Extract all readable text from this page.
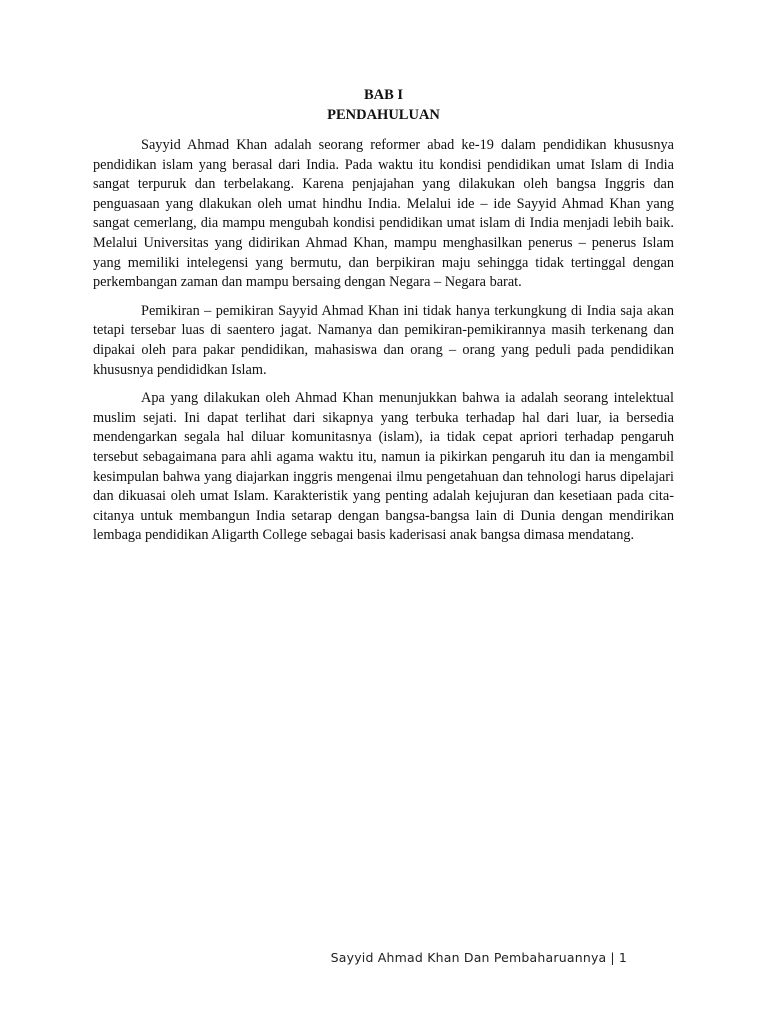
BAB I

PENDAHULUAN

Sayyid Ahmad Khan adalah seorang reformer abad ke-19 dalam pendidikan khususnya pendidikan islam yang berasal dari India. Pada waktu itu kondisi pendidikan umat Islam di India sangat terpuruk dan terbelakang. Karena penjajahan yang dilakukan oleh bangsa Inggris dan penguasaan yang dlakukan oleh umat hindhu India. Melalui ide – ide Sayyid Ahmad Khan yang sangat cemerlang, dia mampu mengubah kondisi pendidikan umat islam di India menjadi lebih baik. Melalui Universitas yang didirikan Ahmad Khan, mampu menghasilkan penerus – penerus Islam yang memiliki intelegensi yang bermutu, dan berpikiran maju sehingga tidak tertinggal dengan perkembangan zaman dan mampu bersaing dengan Negara – Negara barat.

Pemikiran – pemikiran Sayyid Ahmad Khan ini tidak hanya terkungkung di India saja akan tetapi tersebar luas di saentero jagat. Namanya dan pemikiran-pemikirannya masih terkenang dan dipakai oleh para pakar pendidikan, mahasiswa dan orang – orang yang peduli pada pendidikan khususnya pendididkan Islam.

Apa yang dilakukan oleh Ahmad Khan menunjukkan bahwa ia adalah seorang intelektual muslim sejati. Ini dapat terlihat dari sikapnya yang terbuka terhadap hal dari luar, ia bersedia mendengarkan segala hal diluar komunitasnya (islam), ia tidak cepat apriori terhadap pengaruh tersebut sebagaimana para ahli agama waktu itu, namun ia pikirkan pengaruh itu dan ia mengambil kesimpulan bahwa yang diajarkan inggris mengenai ilmu pengetahuan dan tehnologi harus dipelajari dan dikuasai oleh umat Islam. Karakteristik yang penting adalah kejujuran dan kesetiaan pada cita-citanya untuk membangun India setarap dengan bangsa-bangsa lain di Dunia dengan mendirikan lembaga pendidikan Aligarth College sebagai basis kaderisasi anak bangsa dimasa mendatang.

Sayyid Ahmad Khan Dan Pembaharuannya | 1
